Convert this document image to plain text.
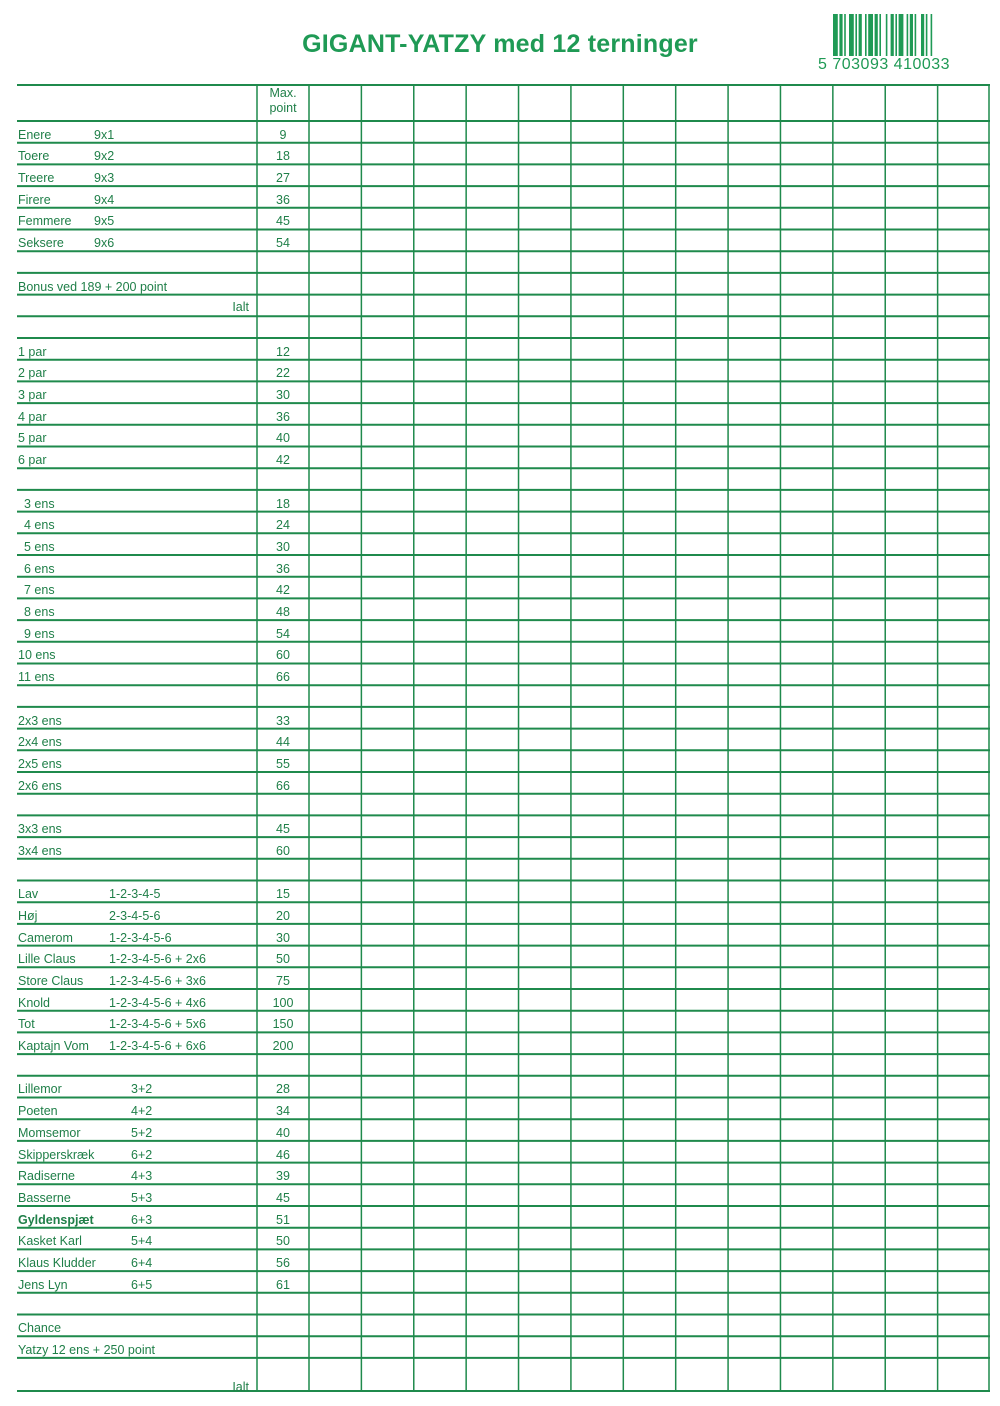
GIGANT-YATZY med 12 terninger
5 703093 410033
Max. point
Enere	9x1	9
Toere	9x2	18
Treere	9x3	27
Firere	9x4	36
Femmere 9x5	45
Seksere 9x6	54
Bonus ved 189 + 200 point
Ialt
1 par	12
2 par	22
3 par	30
4 par	36
5 par	40
6 par	42
3 ens	18
4 ens	24
5 ens	30
6 ens	36
7 ens	42
8 ens	48
9 ens	54
10 ens	60
11 ens	66
2x3 ens	33
2x4 ens	44
2x5 ens	55
2x6 ens	66
3x3 ens	45
3x4 ens	60
Lav	1-2-3-4-5	15
Høj	2-3-4-5-6	20
Camerom	1-2-3-4-5-6	30
Lille Claus	1-2-3-4-5-6 + 2x6	50
Store Claus 1-2-3-4-5-6 + 3x6	75
Knold	1-2-3-4-5-6 + 4x6	100
Tot	1-2-3-4-5-6 + 5x6	150
Kaptajn Vom 1-2-3-4-5-6 + 6x6	200
Lillemor	3+2	28
Poeten	4+2	34
Momsemor	5+2	40
Skipperskræk	6+2	46
Radiserne	4+3	39
Basserne	5+3	45
Gyldenspjæt	6+3	51
Kasket Karl	5+4	50
Klaus Kludder	6+4	56
Jens Lyn	6+5	61
Chance
Yatzy 12 ens + 250 point
Ialt
